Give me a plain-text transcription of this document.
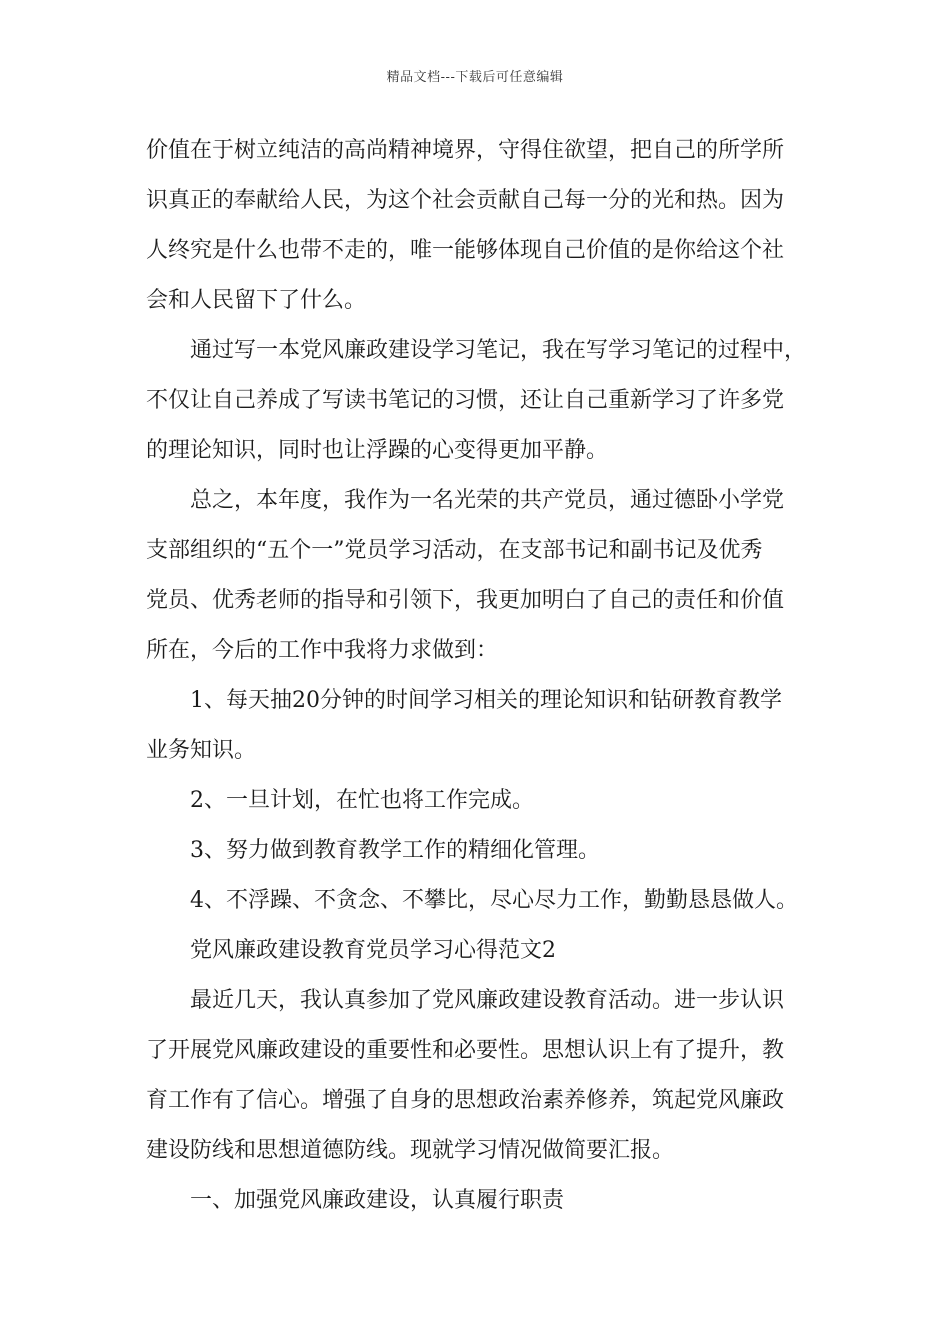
精品文档---下载后可任意编辑
价值在于树立纯洁的高尚精神境界，守得住欲望，把自己的所学所
识真正的奉献给人民，为这个社会贡献自己每一分的光和热。因为
人终究是什么也带不走的，唯一能够体现自己价值的是你给这个社
会和人民留下了什么。
通过写一本党风廉政建设学习笔记，我在写学习笔记的过程中，
不仅让自己养成了写读书笔记的习惯，还让自己重新学习了许多党
的理论知识，同时也让浮躁的心变得更加平静。
总之，本年度，我作为一名光荣的共产党员，通过德卧小学党
支部组织的“五个一”党员学习活动，在支部书记和副书记及优秀
党员、优秀老师的指导和引领下，我更加明白了自己的责任和价值
所在，今后的工作中我将力求做到：
1、每天抽20分钟的时间学习相关的理论知识和钻研教育教学
业务知识。
2、一旦计划，在忙也将工作完成。
3、努力做到教育教学工作的精细化管理。
4、不浮躁、不贪念、不攀比，尽心尽力工作，勤勤恳恳做人。
党风廉政建设教育党员学习心得范文2
最近几天，我认真参加了党风廉政建设教育活动。进一步认识
了开展党风廉政建设的重要性和必要性。思想认识上有了提升，教
育工作有了信心。增强了自身的思想政治素养修养，筑起党风廉政
建设防线和思想道德防线。现就学习情况做简要汇报。
一、加强党风廉政建设，认真履行职责
